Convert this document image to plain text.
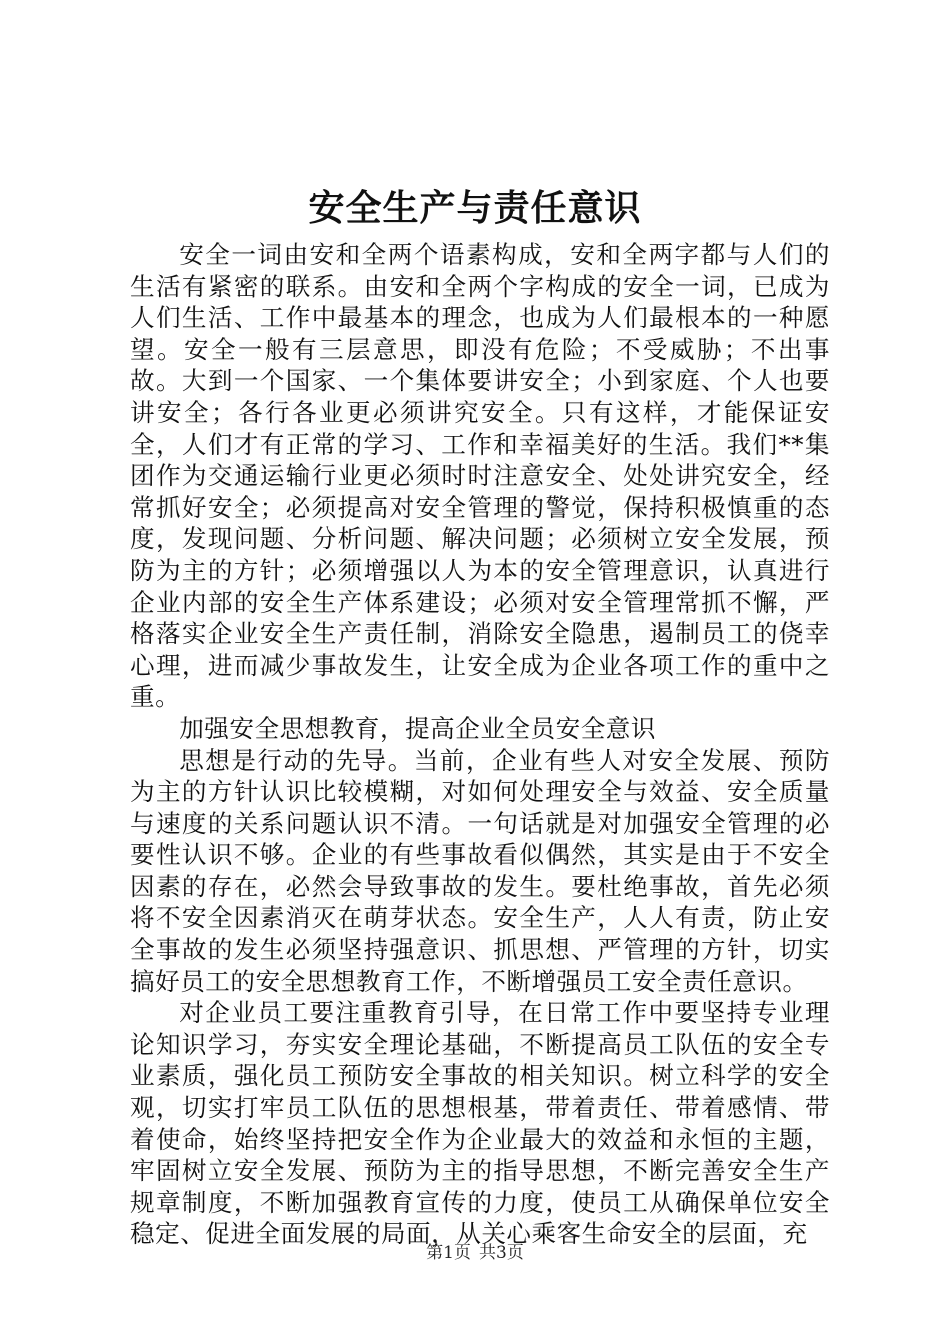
安全生产与责任意识

安全一词由安和全两个语素构成，安和全两字都与人们的生活有紧密的联系。由安和全两个字构成的安全一词，已成为人们生活、工作中最基本的理念，也成为人们最根本的一种愿望。安全一般有三层意思，即没有危险；不受威胁；不出事故。大到一个国家、一个集体要讲安全；小到家庭、个人也要讲安全；各行各业更必须讲究安全。只有这样，才能保证安全，人们才有正常的学习、工作和幸福美好的生活。我们**集团作为交通运输行业更必须时时注意安全、处处讲究安全，经常抓好安全；必须提高对安全管理的警觉，保持积极慎重的态度，发现问题、分析问题、解决问题；必须树立安全发展，预防为主的方针；必须增强以人为本的安全管理意识，认真进行企业内部的安全生产体系建设；必须对安全管理常抓不懈，严格落实企业安全生产责任制，消除安全隐患，遏制员工的侥幸心理，进而减少事故发生，让安全成为企业各项工作的重中之重。

加强安全思想教育，提高企业全员安全意识

思想是行动的先导。当前，企业有些人对安全发展、预防为主的方针认识比较模糊，对如何处理安全与效益、安全质量与速度的关系问题认识不清。一句话就是对加强安全管理的必要性认识不够。企业的有些事故看似偶然，其实是由于不安全因素的存在，必然会导致事故的发生。要杜绝事故，首先必须将不安全因素消灭在萌芽状态。安全生产，人人有责，防止安全事故的发生必须坚持强意识、抓思想、严管理的方针，切实搞好员工的安全思想教育工作，不断增强员工安全责任意识。

对企业员工要注重教育引导，在日常工作中要坚持专业理论知识学习，夯实安全理论基础，不断提高员工队伍的安全专业素质，强化员工预防安全事故的相关知识。树立科学的安全观，切实打牢员工队伍的思想根基，带着责任、带着感情、带着使命，始终坚持把安全作为企业最大的效益和永恒的主题，牢固树立安全发展、预防为主的指导思想，不断完善安全生产规章制度，不断加强教育宣传的力度，使员工从确保单位安全稳定、促进全面发展的局面，从关心乘客生命安全的层面，充

第1页 共3页
